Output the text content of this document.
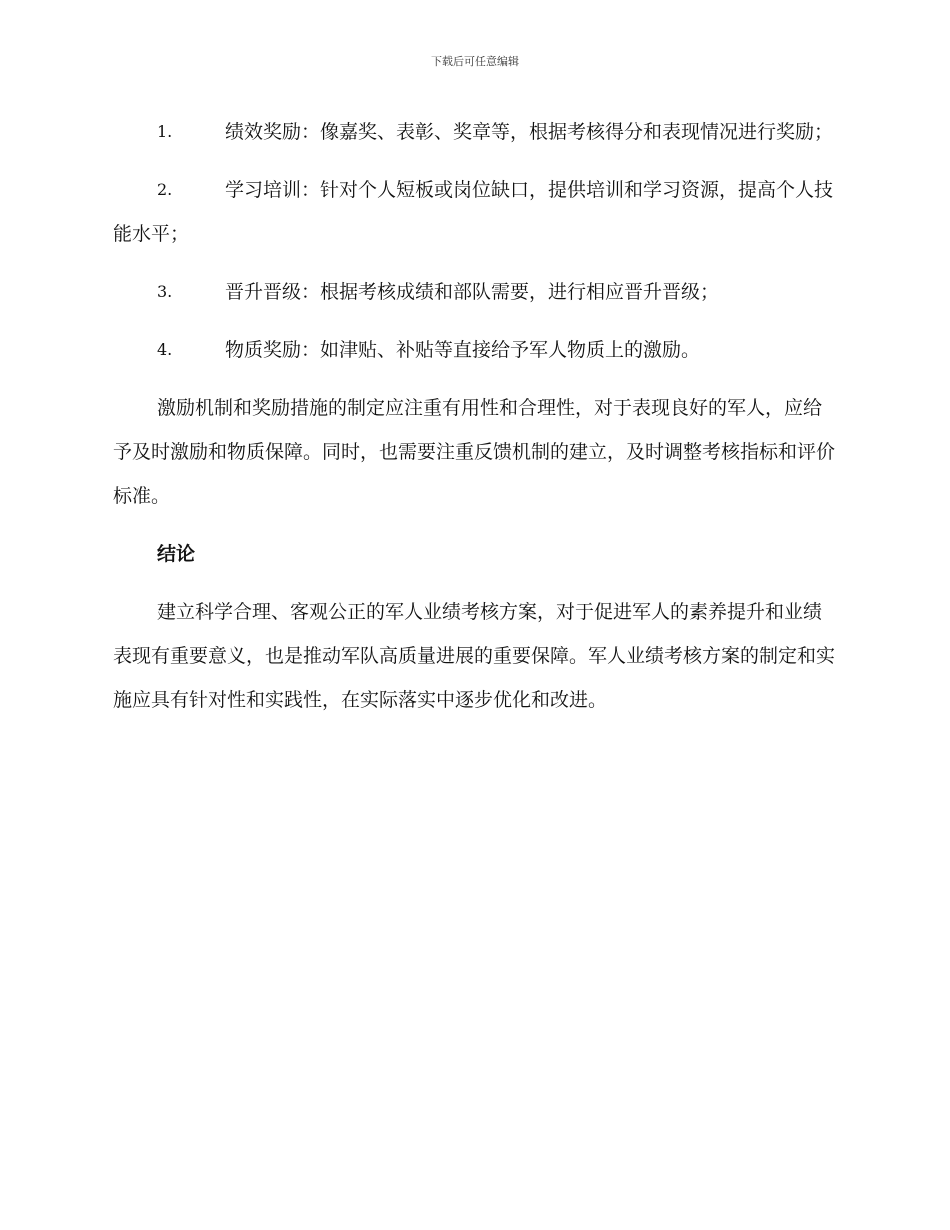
下载后可任意编辑
1.	绩效奖励：像嘉奖、表彰、奖章等，根据考核得分和表现情况进行奖励；
2.	学习培训：针对个人短板或岗位缺口，提供培训和学习资源，提高个人技能水平；
3.	晋升晋级：根据考核成绩和部队需要，进行相应晋升晋级；
4.	物质奖励：如津贴、补贴等直接给予军人物质上的激励。

激励机制和奖励措施的制定应注重有用性和合理性，对于表现良好的军人，应给予及时激励和物质保障。同时，也需要注重反馈机制的建立，及时调整考核指标和评价标准。

结论

建立科学合理、客观公正的军人业绩考核方案，对于促进军人的素养提升和业绩表现有重要意义，也是推动军队高质量进展的重要保障。军人业绩考核方案的制定和实施应具有针对性和实践性，在实际落实中逐步优化和改进。
